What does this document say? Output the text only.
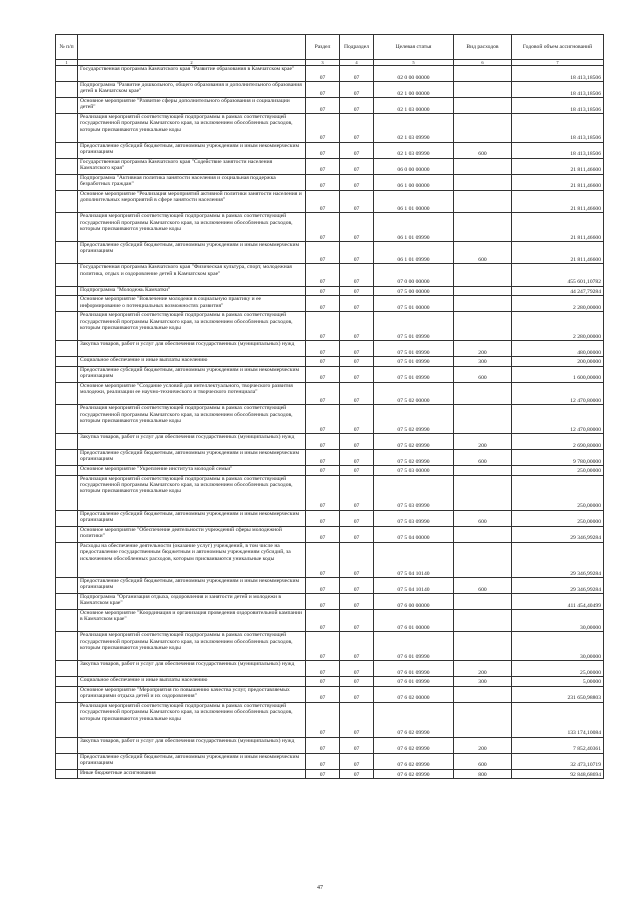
№ п/п		Раздел	Подраздел	Целевая статья	Вид расходов	Годовой объем ассигнований
1	2	3	4	5	6	7
	Государственная программа Камчатского края "Развитие образования в Камчатском крае"	07	07	02 0 00 00000		18 413,18506
	Подпрограмма "Развитие дошкольного, общего образования и дополнительного образования детей в Камчатском крае"	07	07	02 1 00 00000		18 413,18506
	Основное мероприятие "Развитие сферы дополнительного образования и социализации детей"	07	07	02 1 03 00000		18 413,18506
	Реализация мероприятий соответствующей подпрограммы в рамках соответствующей государственной программы Камчатского края, за исключением обособленных расходов, которым присваиваются уникальные коды	07	07	02 1 03 09990		18 413,18506
	Предоставление субсидий бюджетным, автономным учреждениям и иным некоммерческим организациям	07	07	02 1 03 09990	600	18 413,18506
	Государственная программа Камчатского края "Содействие занятости населения Камчатского края"	07	07	06 0 00 00000		21 811,46600
	Подпрограмма "Активная политика занятости населения и социальная поддержка безработных граждан"	07	07	06 1 00 00000		21 811,46600
	Основное мероприятие "Реализация мероприятий активной политики занятости населения и дополнительных мероприятий в сфере занятости населения"	07	07	06 1 01 00000		21 811,46600
	Реализация мероприятий соответствующей подпрограммы в рамках соответствующей государственной программы Камчатского края, за исключением обособленных расходов, которым присваиваются уникальные коды	07	07	06 1 01 09990		21 811,46600
	Предоставление субсидий бюджетным, автономным учреждениям и иным некоммерческим организациям	07	07	06 1 01 09990	600	21 811,46600
	Государственная программа Камчатского края "Физическая культура, спорт, молодежная политика, отдых и оздоровление детей в Камчатском крае"	07	07	07 0 00 00000		455 601,10782
	Подпрограмма "Молодежь Камчатки"	07	07	07 5 00 00000		44 247,79284
	Основное мероприятие "Вовлечение молодежи в социальную практику и ее информирование о потенциальных возможностях развития"	07	07	07 5 01 00000		2 280,00000
	Реализация мероприятий соответствующей подпрограммы в рамках соответствующей государственной программы Камчатского края, за исключением обособленных расходов, которым присваиваются уникальные коды	07	07	07 5 01 09990		2 280,00000
	Закупка товаров, работ и услуг для обеспечения государственных (муниципальных) нужд	07	07	07 5 01 09990	200	480,00000
	Социальное обеспечение и иные выплаты населению	07	07	07 5 01 09990	300	200,00000
	Предоставление субсидий бюджетным, автономным учреждениям и иным некоммерческим организациям	07	07	07 5 01 09990	600	1 600,00000
	Основное мероприятие "Создание условий для интеллектуального, творческого развития молодежи, реализации ее научно-технического и творческого потенциала"	07	07	07 5 02 00000		12 470,80000
	Реализация мероприятий соответствующей подпрограммы в рамках соответствующей государственной программы Камчатского края, за исключением обособленных расходов, которым присваиваются уникальные коды	07	07	07 5 02 09990		12 470,80000
	Закупка товаров, работ и услуг для обеспечения государственных (муниципальных) нужд	07	07	07 5 02 09990	200	2 690,80000
	Предоставление субсидий бюджетным, автономным учреждениям и иным некоммерческим организациям	07	07	07 5 02 09990	600	9 780,00000
	Основное мероприятие "Укрепление института молодой семьи"	07	07	07 5 03 00000		250,00000
	Реализация мероприятий соответствующей подпрограммы в рамках соответствующей государственной программы Камчатского края, за исключением обособленных расходов, которым присваиваются уникальные коды	07	07	07 5 03 09990		250,00000
	Предоставление субсидий бюджетным, автономным учреждениям и иным некоммерческим организациям	07	07	07 5 03 09990	600	250,00000
	Основное мероприятие "Обеспечение деятельности учреждений сферы молодежной политики"	07	07	07 5 04 00000		29 346,99284
	Расходы на обеспечение деятельности (оказание услуг) учреждений, в том числе на предоставление государственным бюджетным и автономным учреждениям субсидий, за исключением обособленных расходов, которым присваиваются уникальные коды	07	07	07 5 04 10140		29 346,99284
	Предоставление субсидий бюджетным, автономным учреждениям и иным некоммерческим организациям	07	07	07 5 04 10140	600	29 346,99284
	Подпрограмма "Организация отдыха, оздоровления и занятости детей и молодежи в Камчатском крае"	07	07	07 6 00 00000		411 454,40499
	Основное мероприятие "Координация и организация проведения оздоровительной кампании в Камчатском крае"	07	07	07 6 01 00000		30,00000
	Реализация мероприятий соответствующей подпрограммы в рамках соответствующей государственной программы Камчатского края, за исключением обособленных расходов, которым присваиваются уникальные коды	07	07	07 6 01 09990		30,00000
	Закупка товаров, работ и услуг для обеспечения государственных (муниципальных) нужд	07	07	07 6 01 09990	200	25,00000
	Социальное обеспечение и иные выплаты населению	07	07	07 6 01 09990	300	5,00000
	Основное мероприятие "Мероприятия по повышению качества услуг, предоставляемых организациями отдыха детей и их оздоровления"	07	07	07 6 02 00000		231 650,98803
	Реализация мероприятий соответствующей подпрограммы в рамках соответствующей государственной программы Камчатского края, за исключением обособленных расходов, которым присваиваются уникальные коды	07	07	07 6 02 09990		133 174,10084
	Закупка товаров, работ и услуг для обеспечения государственных (муниципальных) нужд	07	07	07 6 02 09990	200	7 852,40361
	Предоставление субсидий бюджетным, автономным учреждениям и иным некоммерческим организациям	07	07	07 6 02 09990	600	32 473,10719
	Иные бюджетные ассигнования	07	07	07 6 02 09990	800	92 848,68694
47
